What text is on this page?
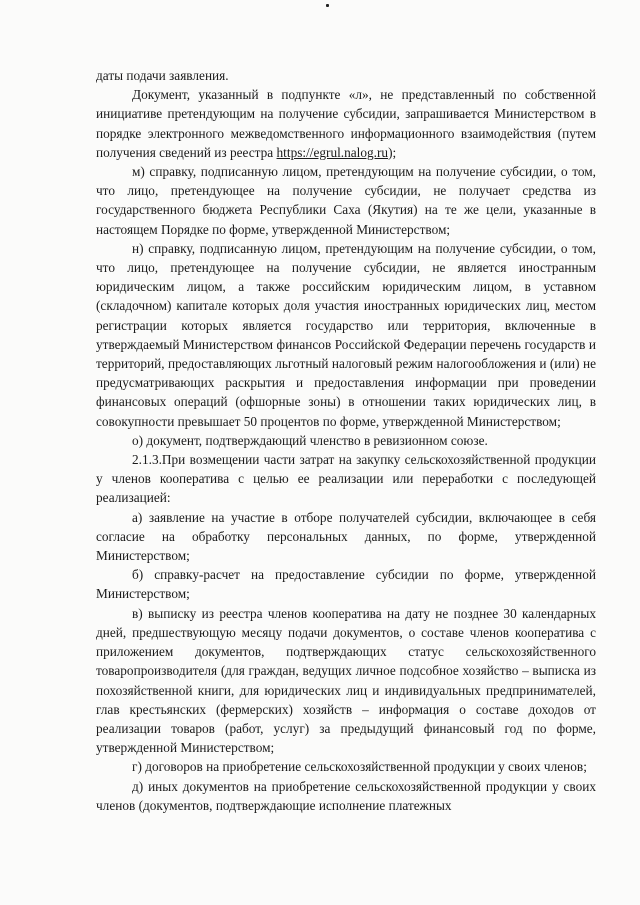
даты подачи заявления.

Документ, указанный в подпункте «л», не представленный по собственной инициативе претендующим на получение субсидии, запрашивается Министерством в порядке электронного межведомственного информационного взаимодействия (путем получения сведений из реестра https://egrul.nalog.ru);

м) справку, подписанную лицом, претендующим на получение субсидии, о том, что лицо, претендующее на получение субсидии, не получает средства из государственного бюджета Республики Саха (Якутия) на те же цели, указанные в настоящем Порядке по форме, утвержденной Министерством;

н) справку, подписанную лицом, претендующим на получение субсидии, о том, что лицо, претендующее на получение субсидии, не является иностранным юридическим лицом, а также российским юридическим лицом, в уставном (складочном) капитале которых доля участия иностранных юридических лиц, местом регистрации которых является государство или территория, включенные в утверждаемый Министерством финансов Российской Федерации перечень государств и территорий, предоставляющих льготный налоговый режим налогообложения и (или) не предусматривающих раскрытия и предоставления информации при проведении финансовых операций (офшорные зоны) в отношении таких юридических лиц, в совокупности превышает 50 процентов по форме, утвержденной Министерством;

о) документ, подтверждающий членство в ревизионном союзе.

2.1.3.При возмещении части затрат на закупку сельскохозяйственной продукции у членов кооператива с целью ее реализации или переработки с последующей реализацией:

а) заявление на участие в отборе получателей субсидии, включающее в себя согласие на обработку персональных данных, по форме, утвержденной Министерством;

б) справку-расчет на предоставление субсидии по форме, утвержденной Министерством;

в) выписку из реестра членов кооператива на дату не позднее 30 календарных дней, предшествующую месяцу подачи документов, о составе членов кооператива с приложением документов, подтверждающих статус сельскохозяйственного товаропроизводителя (для граждан, ведущих личное подсобное хозяйство – выписка из похозяйственной книги, для юридических лиц и индивидуальных предпринимателей, глав крестьянских (фермерских) хозяйств – информация о составе доходов от реализации товаров (работ, услуг) за предыдущий финансовый год по форме, утвержденной Министерством;

г) договоров на приобретение сельскохозяйственной продукции у своих членов;

д) иных документов на приобретение сельскохозяйственной продукции у своих членов (документов, подтверждающие исполнение платежных
